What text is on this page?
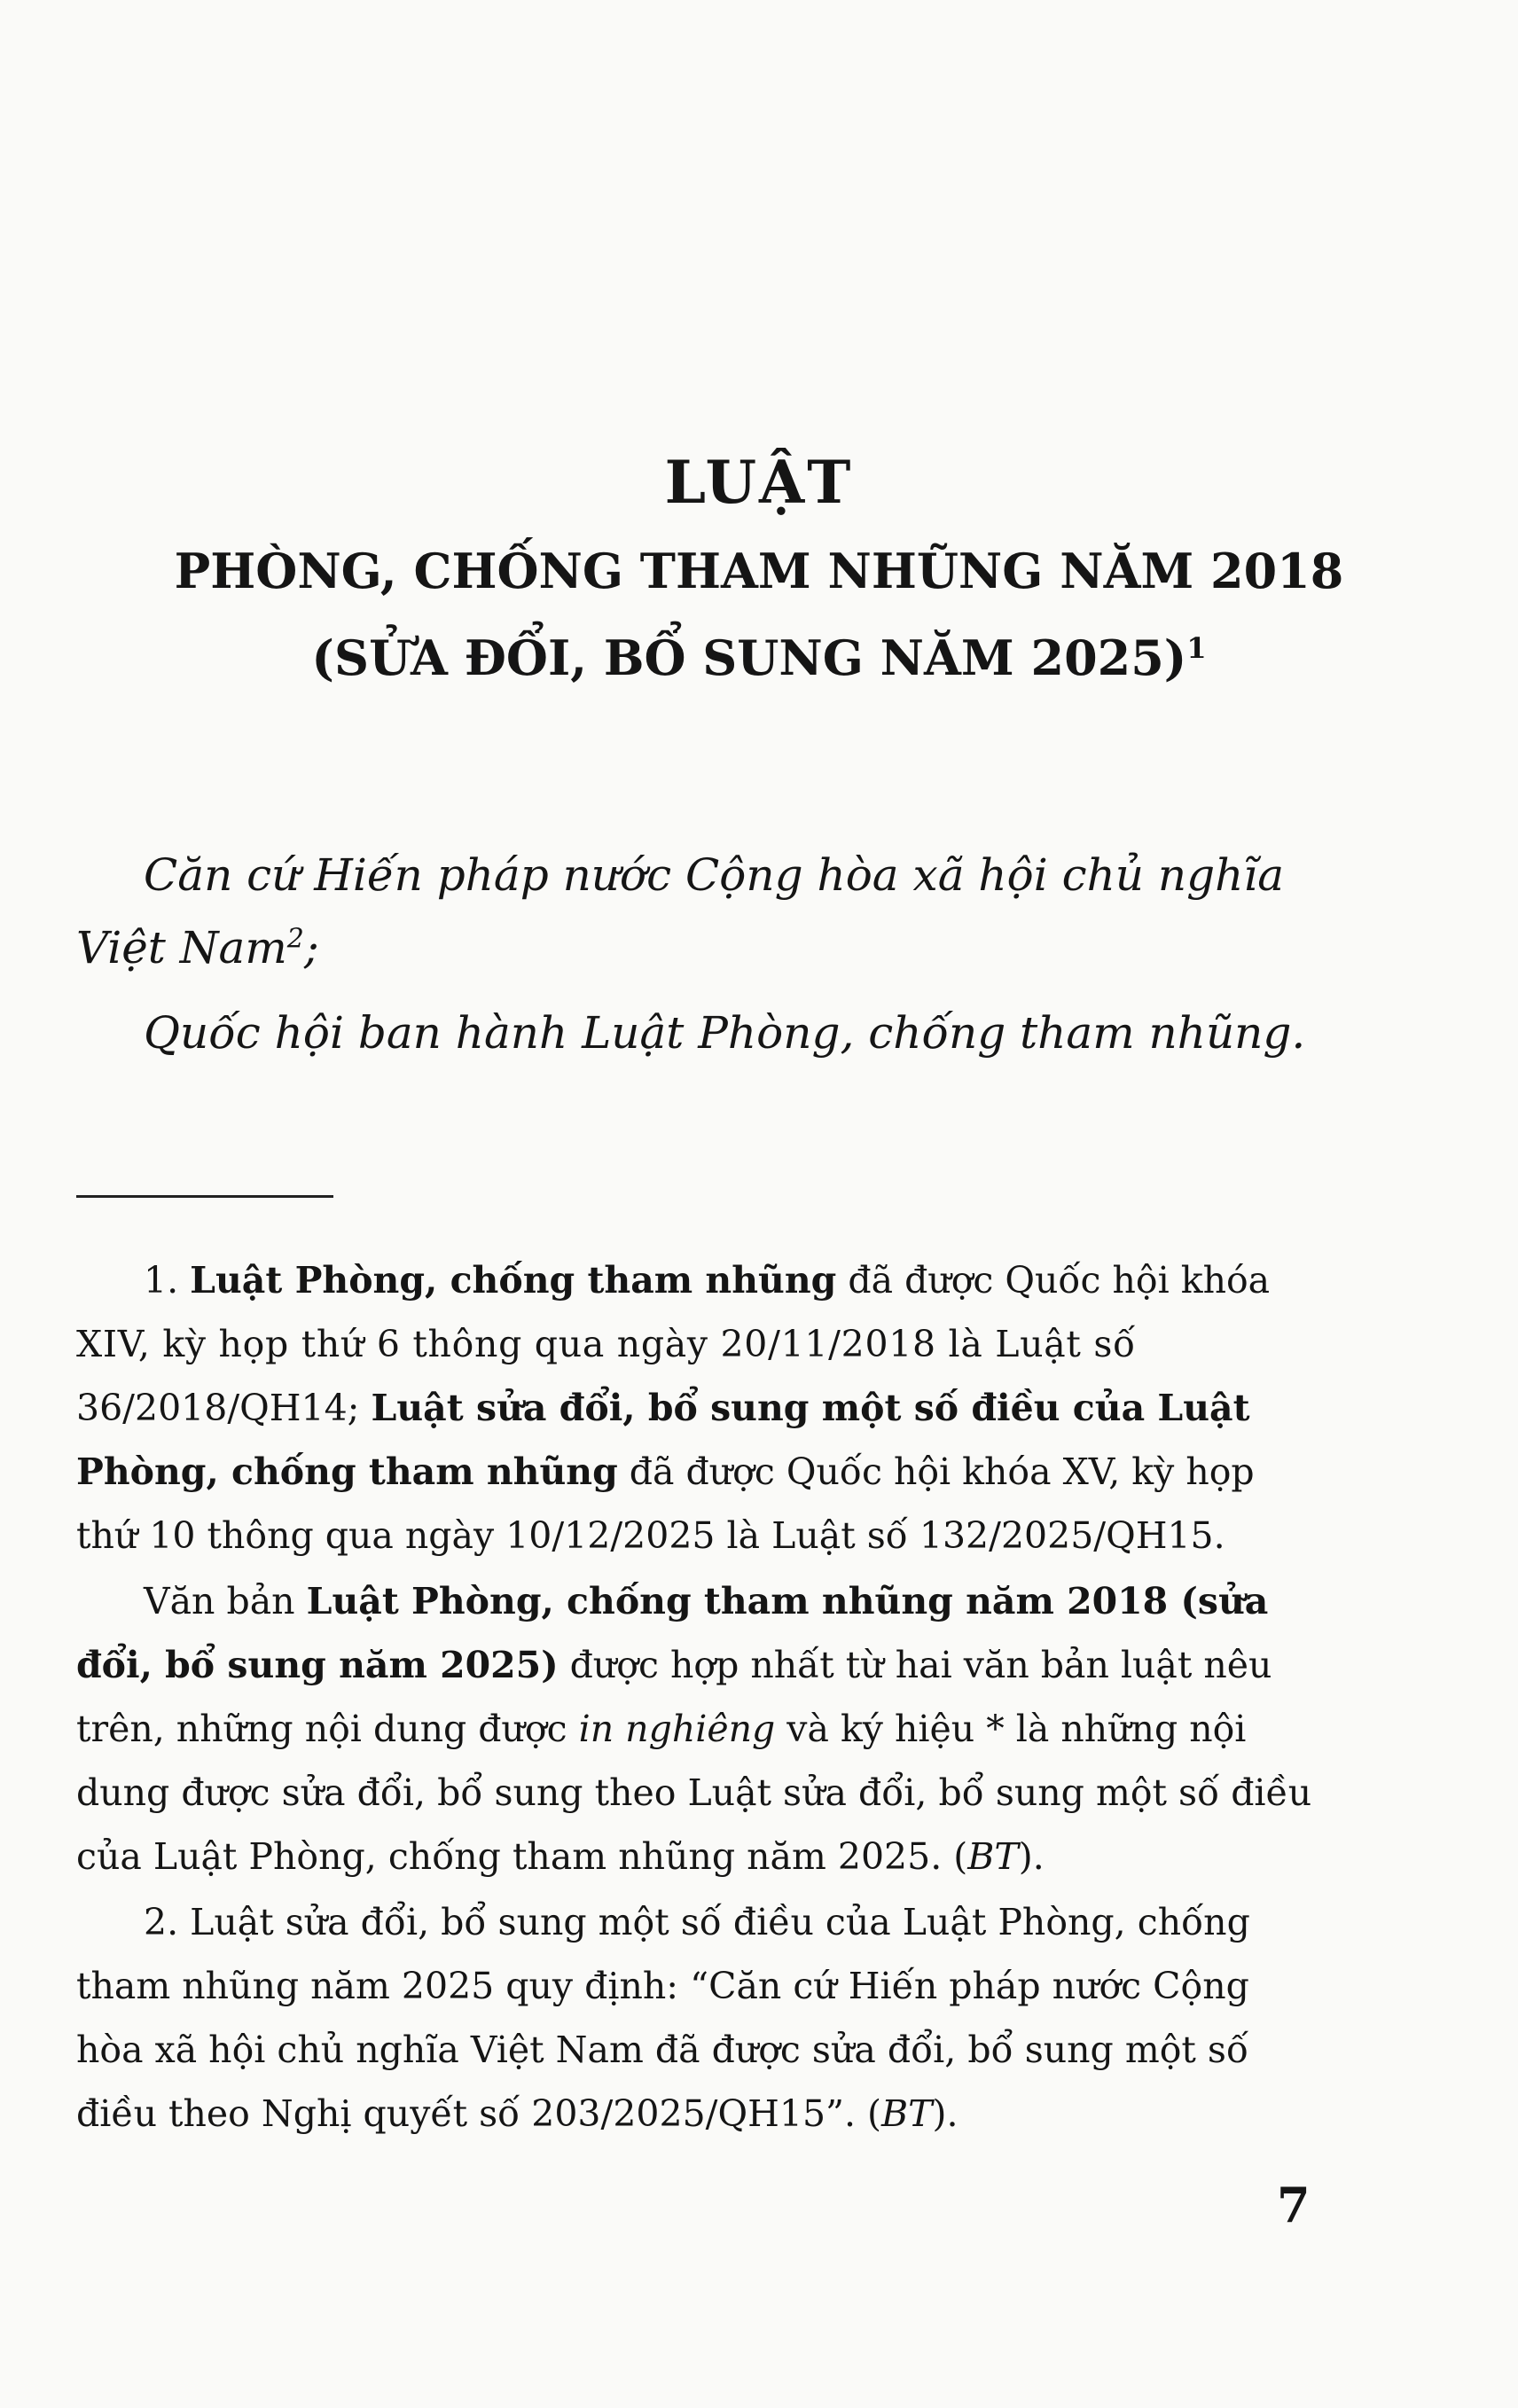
LUẬT
PHÒNG, CHỐNG THAM NHŨNG NĂM 2018
(SỬA ĐỔI, BỔ SUNG NĂM 2025)$^1$
Căn cứ Hiến pháp nước Cộng hòa xã hội chủ nghĩa
Việt Nam$^2$;
Quốc hội ban hành Luật Phòng, chống tham nhũng.
1. Luật Phòng, chống tham nhũng đã được Quốc hội khóa
XIV, kỳ họp thứ 6 thông qua ngày 20/11/2018 là Luật số
36/2018/QH14; Luật sửa đổi, bổ sung một số điều của Luật
Phòng, chống tham nhũng đã được Quốc hội khóa XV, kỳ họp
thứ 10 thông qua ngày 10/12/2025 là Luật số 132/2025/QH15.
Văn bản Luật Phòng, chống tham nhũng năm 2018 (sửa
đổi, bổ sung năm 2025) được hợp nhất từ hai văn bản luật nêu
trên, những nội dung được in nghiêng và ký hiệu * là những nội
dung được sửa đổi, bổ sung theo Luật sửa đổi, bổ sung một số điều
của Luật Phòng, chống tham nhũng năm 2025. (BT).
2. Luật sửa đổi, bổ sung một số điều của Luật Phòng, chống
tham nhũng năm 2025 quy định: “Căn cứ Hiến pháp nước Cộng
hòa xã hội chủ nghĩa Việt Nam đã được sửa đổi, bổ sung một số
điều theo Nghị quyết số 203/2025/QH15”. (BT).
7
